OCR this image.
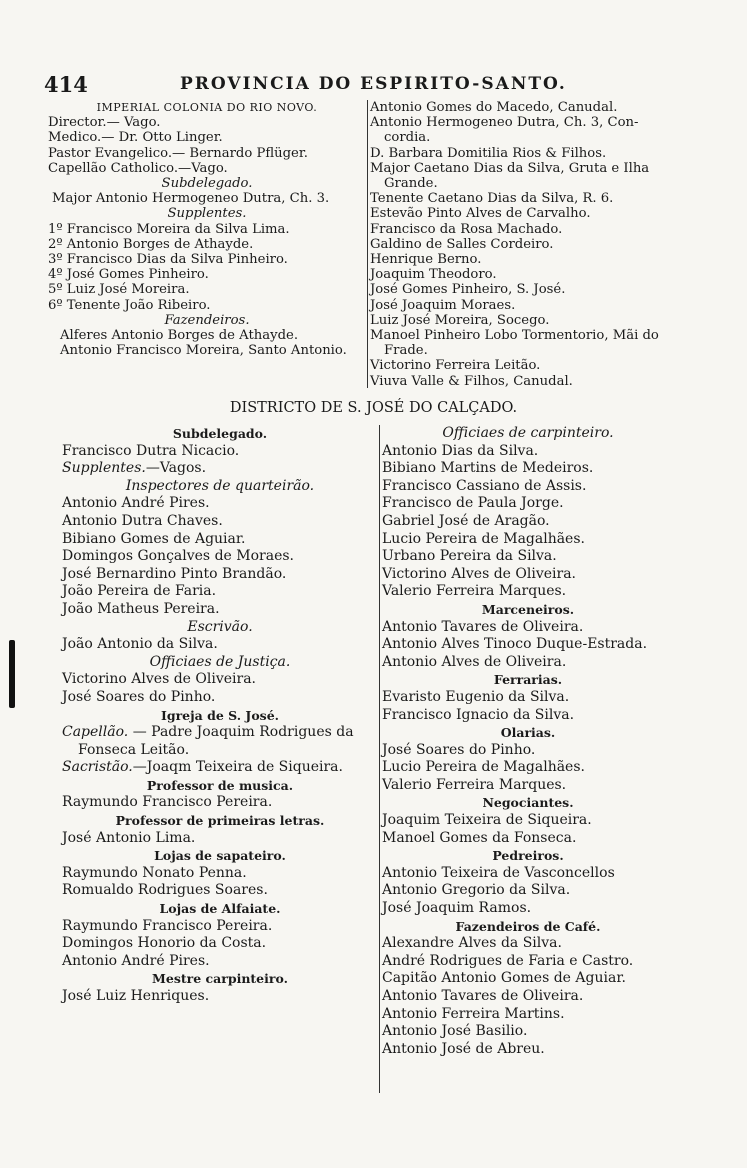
414	PROVINCIA DO ESPIRITO-SANTO.
IMPERIAL COLONIA DO RIO NOVO.
Director.— Vago.
Medico.— Dr. Otto Linger.
Pastor Evangelico.— Bernardo Pflüger.
Capellão Catholico.—Vago.
Subdelegado.
Major Antonio Hermogeneo Dutra, Ch. 3.
Supplentes.
1º Francisco Moreira da Silva Lima.
2º Antonio Borges de Athayde.
3º Francisco Dias da Silva Pinheiro.
4º José Gomes Pinheiro.
5º Luiz José Moreira.
6º Tenente João Ribeiro.
Fazendeiros.
Alferes Antonio Borges de Athayde.
Antonio Francisco Moreira, Santo Antonio.
Antonio Gomes do Macedo, Canudal.
Antonio Hermogeneo Dutra, Ch. 3, Con-
cordia.
D. Barbara Domitilia Rios & Filhos.
Major Caetano Dias da Silva, Gruta e Ilha
Grande.
Tenente Caetano Dias da Silva, R. 6.
Estevão Pinto Alves de Carvalho.
Francisco da Rosa Machado.
Galdino de Salles Cordeiro.
Henrique Berno.
Joaquim Theodoro.
José Gomes Pinheiro, S. José.
José Joaquim Moraes.
Luiz José Moreira, Socego.
Manoel Pinheiro Lobo Tormentorio, Mãi do
Frade.
Victorino Ferreira Leitão.
Viuva Valle & Filhos, Canudal.
DISTRICTO DE S. JOSÉ DO CALÇADO.
Subdelegado.
Francisco Dutra Nicacio.
Supplentes.—Vagos.
Inspectores de quarteirão.
Antonio André Pires.
Antonio Dutra Chaves.
Bibiano Gomes de Aguiar.
Domingos Gonçalves de Moraes.
José Bernardino Pinto Brandão.
João Pereira de Faria.
João Matheus Pereira.
Escrivão.
João Antonio da Silva.
Officiaes de Justiça.
Victorino Alves de Oliveira.
José Soares do Pinho.
Igreja de S. José.
Capellão. — Padre Joaquim Rodrigues da
Fonseca Leitão.
Sacristão.—Joaqm Teixeira de Siqueira.
Professor de musica.
Raymundo Francisco Pereira.
Professor de primeiras letras.
José Antonio Lima.
Lojas de sapateiro.
Raymundo Nonato Penna.
Romualdo Rodrigues Soares.
Lojas de Alfaiate.
Raymundo Francisco Pereira.
Domingos Honorio da Costa.
Antonio André Pires.
Mestre carpinteiro.
José Luiz Henriques.
Officiaes de carpinteiro.
Antonio Dias da Silva.
Bibiano Martins de Medeiros.
Francisco Cassiano de Assis.
Francisco de Paula Jorge.
Gabriel José de Aragão.
Lucio Pereira de Magalhães.
Urbano Pereira da Silva.
Victorino Alves de Oliveira.
Valerio Ferreira Marques.
Marceneiros.
Antonio Tavares de Oliveira.
Antonio Alves Tinoco Duque-Estrada.
Antonio Alves de Oliveira.
Ferrarias.
Evaristo Eugenio da Silva.
Francisco Ignacio da Silva.
Olarias.
José Soares do Pinho.
Lucio Pereira de Magalhães.
Valerio Ferreira Marques.
Negociantes.
Joaquim Teixeira de Siqueira.
Manoel Gomes da Fonseca.
Pedreiros.
Antonio Teixeira de Vasconcellos
Antonio Gregorio da Silva.
José Joaquim Ramos.
Fazendeiros de Café.
Alexandre Alves da Silva.
André Rodrigues de Faria e Castro.
Capitão Antonio Gomes de Aguiar.
Antonio Tavares de Oliveira.
Antonio Ferreira Martins.
Antonio José Basilio.
Antonio José de Abreu.
